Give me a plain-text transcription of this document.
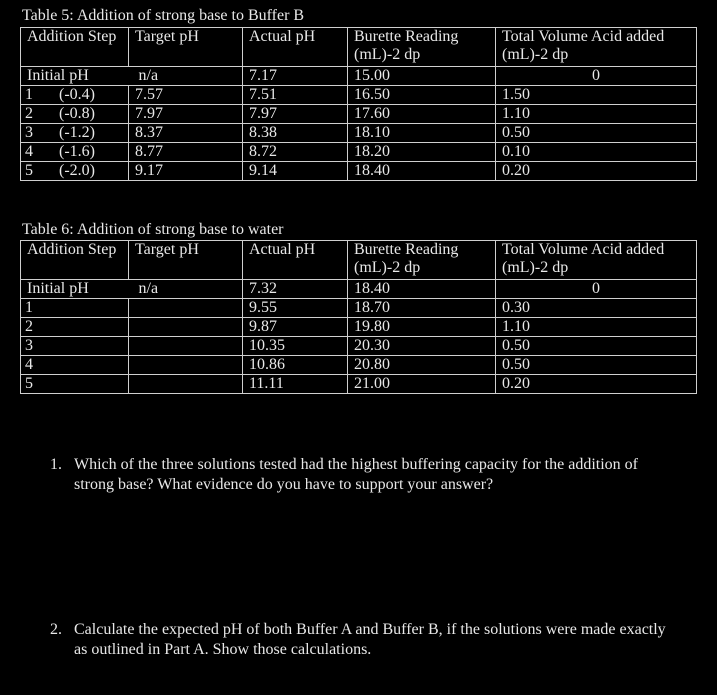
Table 5: Addition of strong base to Buffer B
Addition Step	Target pH	Actual pH	Burette Reading (mL)-2 dp	Total Volume Acid added (mL)-2 dp
Initial pH	n/a	7.17	15.00	0
1 (-0.4)	7.57	7.51	16.50	1.50
2 (-0.8)	7.97	7.97	17.60	1.10
3 (-1.2)	8.37	8.38	18.10	0.50
4 (-1.6)	8.77	8.72	18.20	0.10
5 (-2.0)	9.17	9.14	18.40	0.20
Table 6: Addition of strong base to water
Addition Step	Target pH	Actual pH	Burette Reading (mL)-2 dp	Total Volume Acid added (mL)-2 dp
Initial pH	n/a	7.32	18.40	0
1		9.55	18.70	0.30
2		9.87	19.80	1.10
3		10.35	20.30	0.50
4		10.86	20.80	0.50
5		11.11	21.00	0.20
1. Which of the three solutions tested had the highest buffering capacity for the addition of strong base? What evidence do you have to support your answer?
2. Calculate the expected pH of both Buffer A and Buffer B, if the solutions were made exactly as outlined in Part A. Show those calculations.
